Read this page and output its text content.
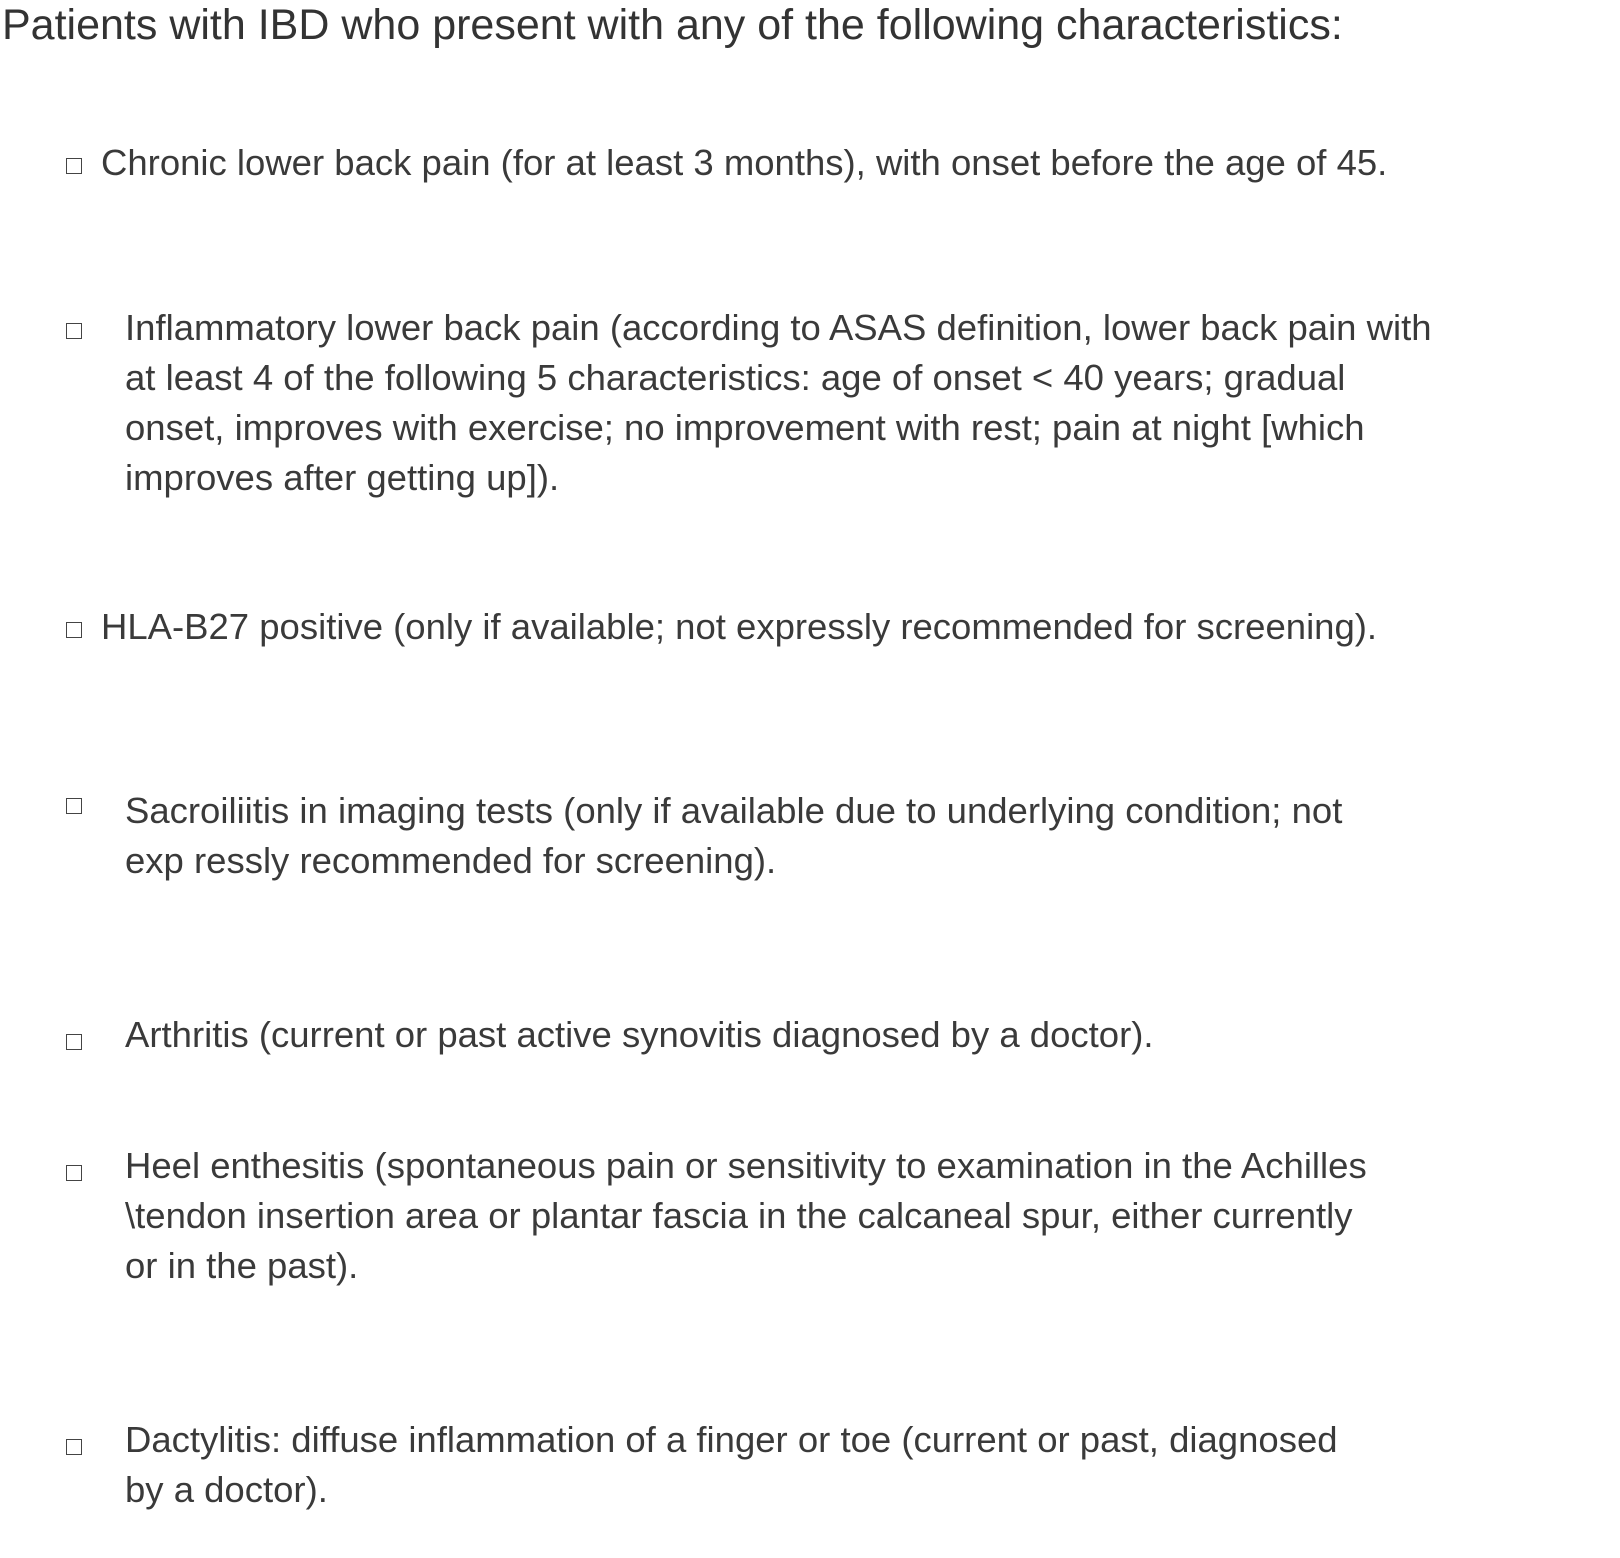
Patients with IBD who present with any of the following characteristics:

Chronic lower back pain (for at least 3 months), with onset before the age of 45.

Inflammatory lower back pain (according to ASAS definition, lower back pain with
at least 4 of the following 5 characteristics: age of onset < 40 years; gradual
onset, improves with exercise; no improvement with rest; pain at night [which
improves after getting up]).

HLA-B27 positive (only if available; not expressly recommended for screening).

Sacroiliitis in imaging tests (only if available due to underlying condition; not
exp ressly recommended for screening).

Arthritis (current or past active synovitis diagnosed by a doctor).

Heel enthesitis (spontaneous pain or sensitivity to examination in the Achilles
\tendon insertion area or plantar fascia in the calcaneal spur, either currently
or in the past).

Dactylitis: diffuse inflammation of a finger or toe (current or past, diagnosed
by a doctor).
